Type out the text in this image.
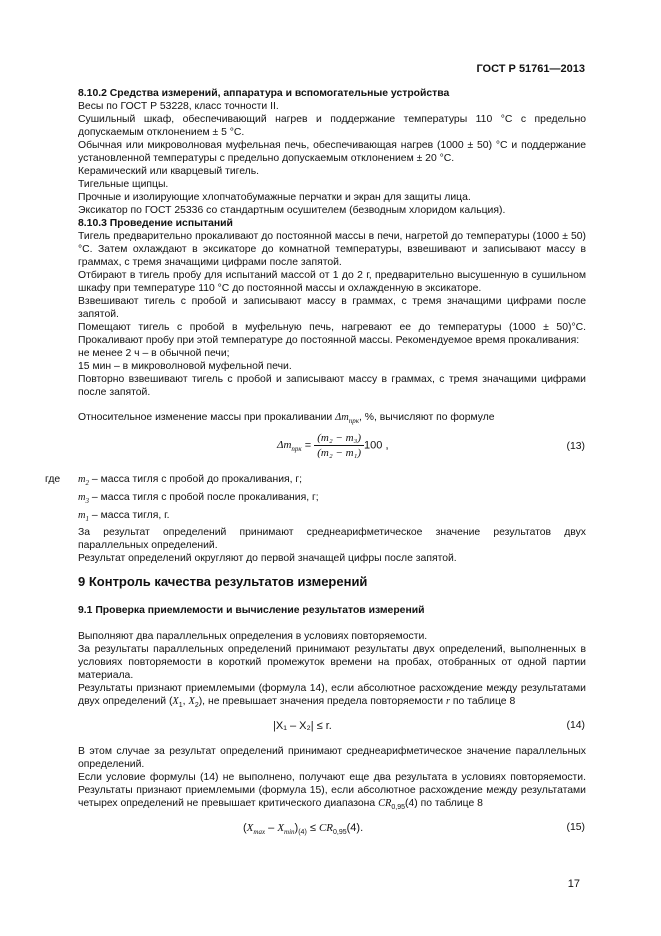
ГОСТ Р 51761—2013

8.10.2 Средства измерений, аппаратура и вспомогательные устройства

Весы по ГОСТ Р 53228, класс точности II.

Сушильный шкаф, обеспечивающий нагрев и поддержание температуры 110 °С с предельно допускаемым отклонением ± 5 °С.

Обычная или микроволновая муфельная печь, обеспечивающая нагрев (1000 ± 50) °С и поддержание установленной температуры с предельно допускаемым отклонением ± 20 °С.

Керамический или кварцевый тигель.

Тигельные щипцы.

Прочные и изолирующие хлопчатобумажные перчатки и экран для защиты лица.

Эксикатор по ГОСТ 25336 со стандартным осушителем (безводным хлоридом кальция).

8.10.3 Проведение испытаний

Тигель предварительно прокаливают до постоянной массы в печи, нагретой до температуры (1000 ± 50) °С. Затем охлаждают в эксикаторе до комнатной температуры, взвешивают и записывают массу в граммах, с тремя значащими цифрами после запятой.

Отбирают в тигель пробу для испытаний массой от 1 до 2 г, предварительно высушенную в сушильном шкафу при температуре 110 °С до постоянной массы и охлажденную в эксикаторе.

Взвешивают тигель с пробой и записывают массу в граммах, с тремя значащими цифрами после запятой.

Помещают тигель с пробой в муфельную печь, нагревают ее до температуры (1000 ± 50)°С. Прокаливают пробу при этой температуре до постоянной массы. Рекомендуемое время прокаливания:

не менее 2 ч – в обычной печи;

15 мин – в микроволновой муфельной печи.

Повторно взвешивают тигель с пробой и записывают массу в граммах, с тремя значащими цифрами после запятой.

Относительное изменение массы при прокаливании $\Delta m_{прк}$, %, вычисляют по формуле

$\Delta m_{прк} = \frac{\text{(m₂ − m₃)}}{\text{(m₂ − m₁)}} 100$ ,	(13)
где $m_2$ – масса тигля с пробой до прокаливания, г;
$m_3$ – масса тигля с пробой после прокаливания, г;
$m_1$ – масса тигля, г.

За результат определений принимают среднеарифметическое значение результатов двух параллельных определений.

Результат определений округляют до первой значащей цифры после запятой.

9 Контроль качества результатов измерений
9.1 Проверка приемлемости и вычисление результатов измерений

Выполняют два параллельных определения в условиях повторяемости.

За результаты параллельных определений принимают результаты двух определений, выполненных в условиях повторяемости в короткий промежуток времени на пробах, отобранных от одной партии материала.

Результаты признают приемлемыми (формула 14), если абсолютное расхождение между результатами двух определений ($X_1$, $X_2$), не превышает значения предела повторяемости r по таблице 8

|X₁ – X₂| ≤ r.	(14)

В этом случае за результат определений принимают среднеарифметическое значение параллельных определений.

Если условие формулы (14) не выполнено, получают еще два результата в условиях повторяемости. Результаты признают приемлемыми (формула 15), если абсолютное расхождение между результатами четырех определений не превышает критического диапазона $CR_{0,95}(4)$ по таблице 8

$(X_{max} - X_{min})_{(4)} \le CR_{0,95}(4)$.	(15)
17
